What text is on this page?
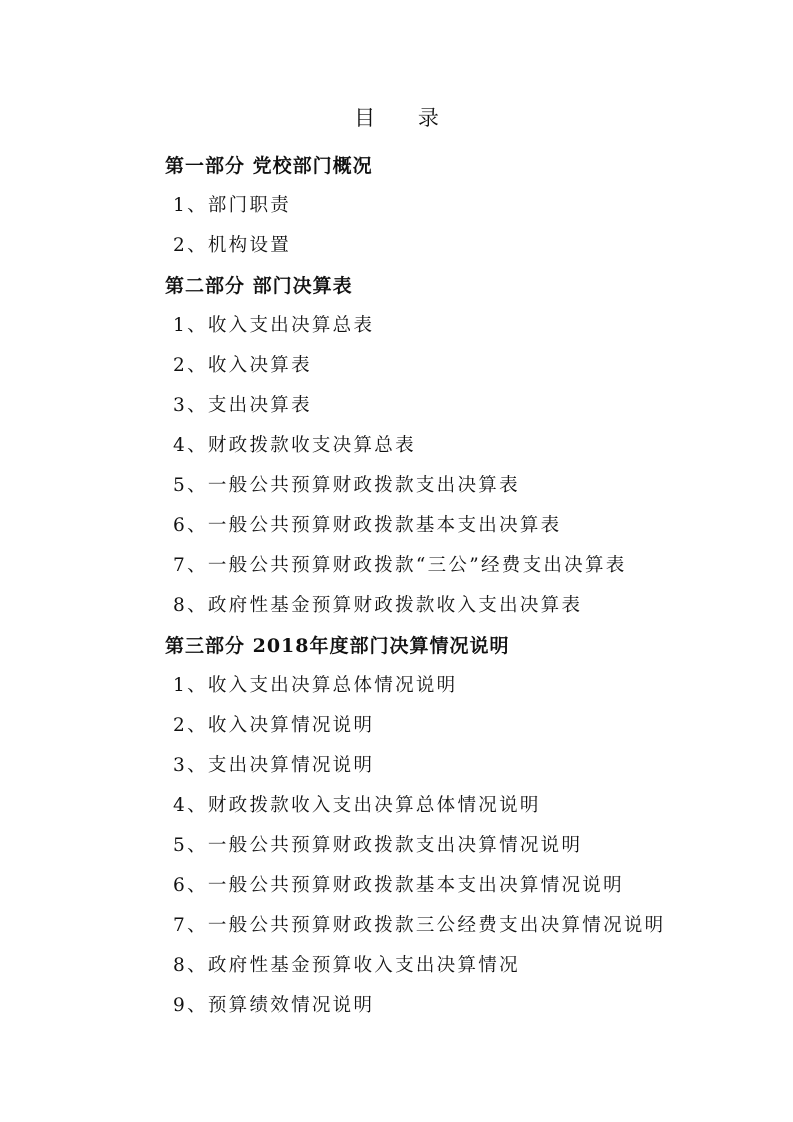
目 录
第一部分 党校部门概况
1、部门职责
2、机构设置
第二部分 部门决算表
1、收入支出决算总表
2、收入决算表
3、支出决算表
4、财政拨款收支决算总表
5、一般公共预算财政拨款支出决算表
6、一般公共预算财政拨款基本支出决算表
7、一般公共预算财政拨款“三公”经费支出决算表
8、政府性基金预算财政拨款收入支出决算表
第三部分 2018年度部门决算情况说明
1、收入支出决算总体情况说明
2、收入决算情况说明
3、支出决算情况说明
4、财政拨款收入支出决算总体情况说明
5、一般公共预算财政拨款支出决算情况说明
6、一般公共预算财政拨款基本支出决算情况说明
7、一般公共预算财政拨款三公经费支出决算情况说明
8、政府性基金预算收入支出决算情况
9、预算绩效情况说明
